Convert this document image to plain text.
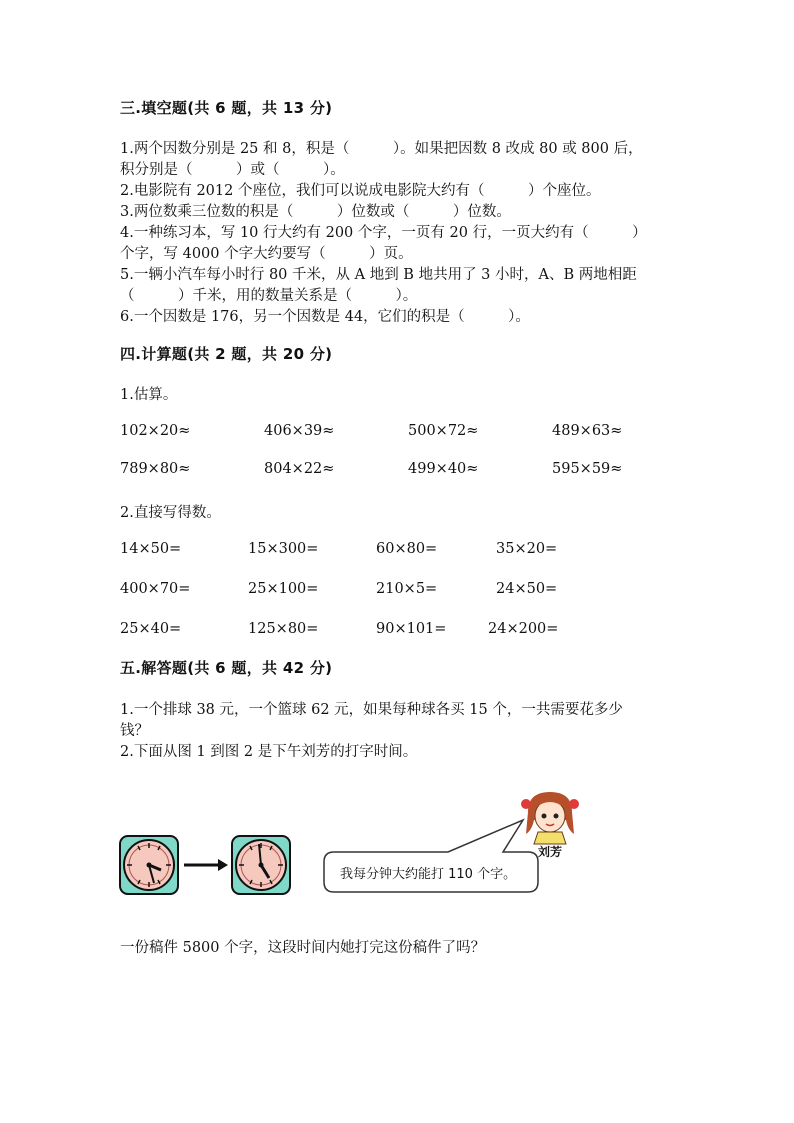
三.填空题(共 6 题，共 13 分)
1.两个因数分别是 25 和 8，积是（　　　）。如果把因数 8 改成 80 或 800 后，
积分别是（　　　）或（　　　）。
2.电影院有 2012 个座位，我们可以说成电影院大约有（　　　）个座位。
3.两位数乘三位数的积是（　　　）位数或（　　　）位数。
4.一种练习本，写 10 行大约有 200 个字，一页有 20 行，一页大约有（　　　）
个字，写 4000 个字大约要写（　　　）页。
5.一辆小汽车每小时行 80 千米，从 A 地到 B 地共用了 3 小时，A、B 两地相距
（　　　）千米，用的数量关系是（　　　）。
6.一个因数是 176，另一个因数是 44，它们的积是（　　　）。
四.计算题(共 2 题，共 20 分)
1.估算。
102×20≈	406×39≈	500×72≈	489×63≈
789×80≈	804×22≈	499×40≈	595×59≈
2.直接写得数。
14×50=	15×300=	60×80=	35×20=
400×70=	25×100=	210×5=	24×50=
25×40=	125×80=	90×101=	24×200=
五.解答题(共 6 题，共 42 分)
1.一个排球 38 元，一个篮球 62 元，如果每种球各买 15 个，一共需要花多少
钱？
2.下面从图 1 到图 2 是下午刘芳的打字时间。
我每分钟大约能打 110 个字。
刘芳
一份稿件 5800 个字，这段时间内她打完这份稿件了吗？
